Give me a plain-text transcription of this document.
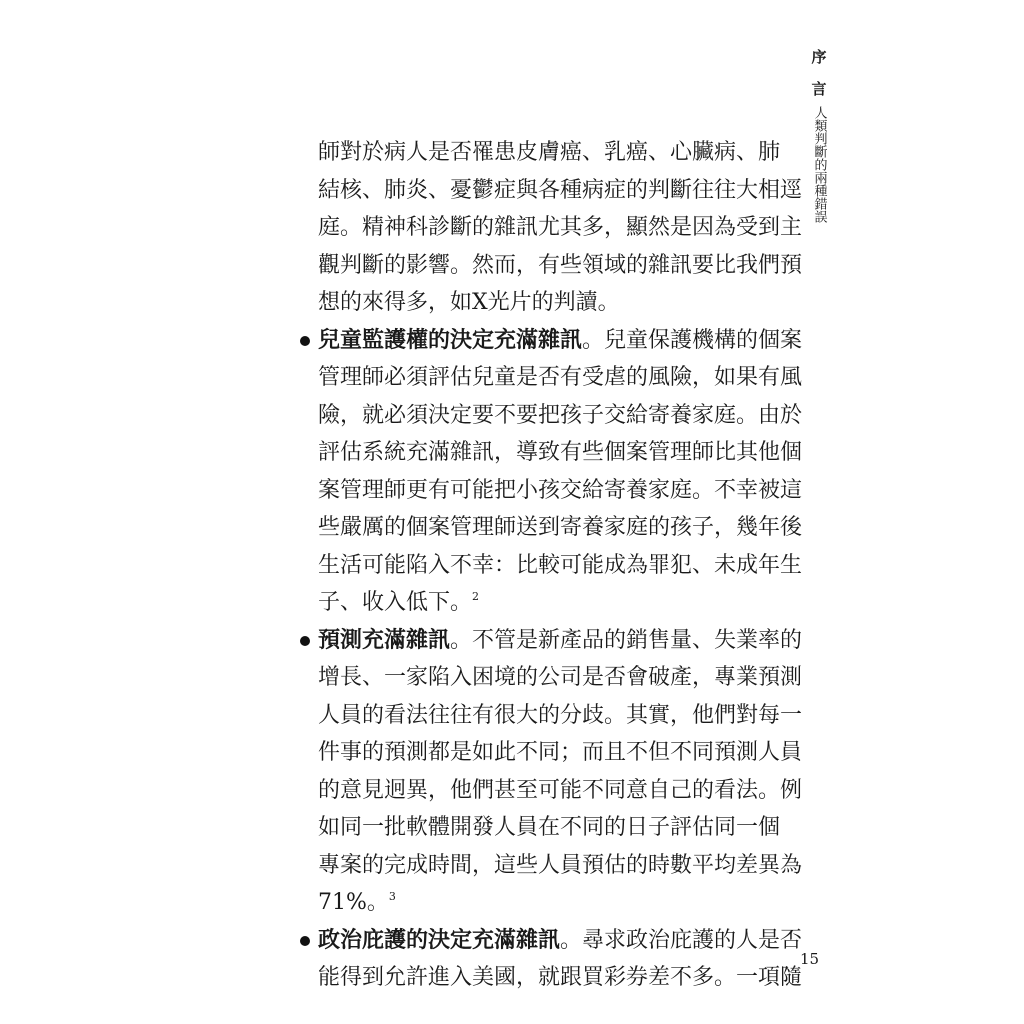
序
言
人類判斷的兩種錯誤
師對於病人是否罹患皮膚癌、乳癌、心臟病、肺
結核、肺炎、憂鬱症與各種病症的判斷往往大相逕
庭。精神科診斷的雜訊尤其多，顯然是因為受到主
觀判斷的影響。然而，有些領域的雜訊要比我們預
想的來得多，如X光片的判讀。
兒童監護權的決定充滿雜訊。兒童保護機構的個案
管理師必須評估兒童是否有受虐的風險，如果有風
險，就必須決定要不要把孩子交給寄養家庭。由於
評估系統充滿雜訊，導致有些個案管理師比其他個
案管理師更有可能把小孩交給寄養家庭。不幸被這
些嚴厲的個案管理師送到寄養家庭的孩子，幾年後
生活可能陷入不幸：比較可能成為罪犯、未成年生
子、收入低下。$^2$
預測充滿雜訊。不管是新產品的銷售量、失業率的
增長、一家陷入困境的公司是否會破產，專業預測
人員的看法往往有很大的分歧。其實，他們對每一
件事的預測都是如此不同；而且不但不同預測人員
的意見迥異，他們甚至可能不同意自己的看法。例
如同一批軟體開發人員在不同的日子評估同一個
專案的完成時間，這些人員預估的時數平均差異為
71%。$^3$
政治庇護的決定充滿雜訊。尋求政治庇護的人是否
能得到允許進入美國，就跟買彩券差不多。一項隨
15
